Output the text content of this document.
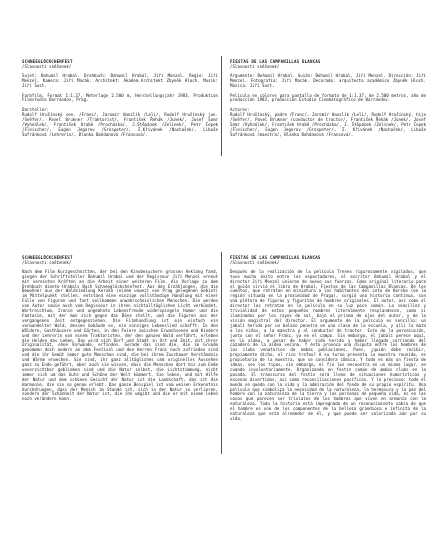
SCHNEEGLÖCKCHENFEST

/Slavnosti sněženek/

Sujet: Bohumil Hrabal. Drehbuch: Bohumil Hrabal, Jiří Menzel. Regie: Jiří Menzel. Kamera: Jiří Macák. Architekt: Akadem.Architekt Zbyněk Hloch. Musik: Jiří Šust.

Farbfilm, Format 1:1,37, Meterlage 2.500 m, Herstellungsjahr 1983, Produktion Filmstudio Barrandov, Prag.

Darsteller:

Rudolf Hrušínský sen. /Franc/, Jaromír Hanzlík /Leli/, Rudolf Hrušínský jun. /Sněfer/, Pavel Brukner /Traktorist/, František Řehák /Junek/, Josef Somr /Vyhnálek/, František Hrabě /Procházka/, J.Štěpánek /Zelinek/, Petr Čepek /Fleischer/, Eugen Jegorov /Grospeter/, Z.Křivánek /Nachaček/, Libuše Šafránková /Lehrerin/, Blanka Bohdanová /Francová/.

FIESTAS DE LAS CAMPANILLAS BLANCAS

/Slavnosti sněženek/

Argumento: Bohumil Hrabal. Guión: Bohumil Hrabal, Jiří Menzel. Dirección: Jiří Menzel. Fotografía: Jiří Macák. Decorado: arquitecto académico Zbyněk Hloch. Música: Jiří Šust.

Película en colores para pantalla de formato de 1:1,37; de 2.500 metros, año de producción 1983, producción Estudio Cinematográfico de Barrandov.

Actores:

Rudolf Hrušínský, padre /Franc/, Jaromír Hanzlík /Leli/, Rudolf Hrušínský, hijo /Sněfer/, Pavel Brukner /conductor de tractor/, František Řehák /Junek/, Josef Somr /Vyhnálek/, František Hrabě /Procházka/, J. Štěpánek /Zelinek/, Petr Čepek /Fleischer/, Eugen Jegorov /Grospeter/, Z. Křivánek /Nachaček/, Libuše Šafránková /maestra/, Blanka Bohdanová /Francová/.

SCHNEEGLÖCKCHENFEST

/Slavnosti sněženek/

Nach dem Film Kurzgeschnitten, der bei den Kinobesuchern grossen Anklang fand, gingen der Schriftsteller Bohumil Hrabal und der Regisseur Jiří Menzel erneut mit vereinten Kräften an die Arbeit einer weiteren Film. Als Vorlage zu dem Drehbuch diente Hrabals Buch Schneeglöckchenfest. Aus den Erzählungen, die die Bewohner aus der Waldsiedlung Kersko (einem unweit von Prag gelegenen Gebiet) im Mittelpunkt stellen, entstand eine einzige vollständige Handlung mit einer Fülle von Figuren und fast vollkommen unwahrscheinlichen Menschen. Die werden von Autor sowie auch vom Regisseur in ihren nichtalltäglichen Licht verkündet. Wortreichtum, Ironie und ungeahnte Lebensfreude widerspiegeln Humor und die Fantasie, mit der man sich gegen das Böse stellt, und die Figuren aus der vergangenen Zeit entgegenziehen. Die Filmhandlung ist ein einfach ein verwandelter Wald, dessen Gebäude es, ein einziges Lebenslied schafft. In den Wäldern, Gasthäusern und Gärten, in den Feiern zwischen Erwachsenen und Kindern und der Lehrerin von einem Traktoristen, der den ganzen Wald verführt, erleben die Helden das Leben. Das wird sich Dorf und Stadt in Ort und Zeit, mit ihrer Originalität, ohne Vorwände, erfinden. Gerade das sind die, die im Grunde genommen doch anders an dem Festival und den Herren Franc noch zufrieden sind und die ihr Gemüt immer gute Menschen sind, die bei ihrem Zuschauer Verständnis und Wärme erwecken. Sie sind, ihr ganz alltägliches und originelles Aussehen ganz zu Ende geführt, aber auch sie wissen, dass die Menschen dort bis zum Ende unverzichtbar geblieben sind und die Natur selbst, die Lichtstimmung, nicht immer sich um das Gute und Schöne der Welt kümmert. Sie leben, und mit Hilfe der Natur und dem schönen Gesicht der Natur ist die Landschaft, das ist die Harmonie, die sie so genau erlebt. Das ganze Beispiel ist vom weisen Erkenntnis durchdrungen, dass der Mensch im Stande ist, sich in der Natur zu verlieren, sondern der Schönheit der Natur ist, die ihn umgibt und die er mit einem leben noch verändern kann.

FIESTAS DE LAS CAMPANILLAS BLANCAS

/Slavnosti sněženek/

Después de la realización de la película Trenes rigurosamente vigilados, que tuvo mucho éxito entre los espectadores, el escritor Bohumil Hrabal y el director Jiří Menzel unieron de nuevo sus fuerzas. Como original literario para el guión sirvió el libro de Hrabal, Fiestas de las Campanillas Blancas. De los cuentos, que retratan en miniatura a los habitantes del coto de Kersko (en la región situada en la proximidad de Praga), surgió una historia continua, con una plétora de figuras y figuritas de hombres originales. El autor, así como el director los retratan en la película en su luz poco común. La sencillez y trivialidad de estos pequeños hombres literalmente resplandecen, como si iluminados por los rayos de sol, bajo el prisma de ojos del autor, y de la visión magistral del director. El argumento de la película es sencillo: un jabalí herido por un balazo penetra en una clase de la escuela, y allí lo mata a los niños, a la maestra y al conductor de tractor. Este de la persecución, junto con el señor Franc, ya en el campo. Sin embargo, el jabalí perece aquí, en la aldea, a pesar de haber sido herido y haber llegado corriendo del cazadero de la aldea vecina. Y ésto provoca una disputa entre los hombres de los clubs venatorios de ambas poblaciones. Pues, ¿quién debe recibir, propiamente dicho, el rico trofeo? A su turno presenta la muestra reunida, es propietario de la muestra, que se considera cómica. Y todo es más un fiesta de ideas, son los tipos, sin embargo, el fin los encuentra en un mismo lugar, en cuando involuntariamente. Organizando en festín común de ambos clubs en la posada. El transcurso del festín será lleno de situaciones humorísticas y escenas divertidas, así como reconciliaciones pacíficas. Y lo precioso: todo el mundo se queda con la vida y la admiración del fondo de su propio espíritu. Una película que simboliza la necesidad de la naturaleza, la hermosura y la paz del hombre con la naturaleza de la tierra y las personas de pequeña vida, es en las cosas que parecen ser triviales de los hombres que viven en armonía con la naturaleza. Toda la historia está impregnada de un reconocimiento sabio de que el hombre es uno de los componentes de la belleza grandiosa e infinita de la naturaleza que está alrededor de él, y que puede ser valorizada aún por su vida.
